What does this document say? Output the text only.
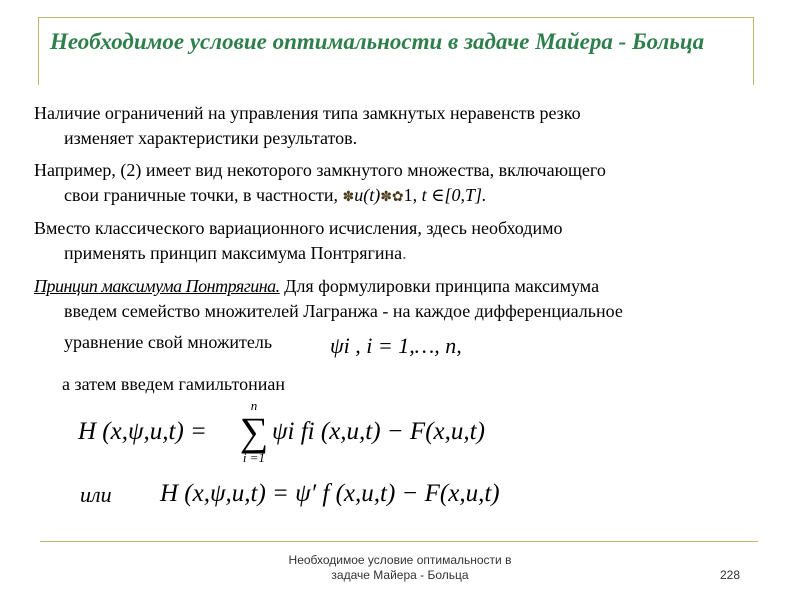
Необходимое условие оптимальности в задаче Майера - Больца
Наличие ограничений на управления типа замкнутых неравенств резко
изменяет характеристики результатов.
Например, (2) имеет вид некоторого замкнутого множества, включающего
свои граничные точки, в частности, ✽u(t)✽✿1, t ∈[0,T].
Вместо классического вариационного исчисления, здесь необходимо
применять принцип максимума Понтрягина.
Принцип максимума Понтрягина. Для формулировки принципа максимума
введем семейство множителей Лагранжа - на каждое дифференциальное
уравнение свой множитель	ψi , i = 1,…, n,
а затем введем гамильтониан
H (x,ψ,u,t) =
n
∑
i =1
ψi fi (x,u,t) − F(x,u,t)
или H (x,ψ,u,t) = ψ′ f (x,u,t) − F(x,u,t)
Необходимое условие оптимальности в
задаче Майера - Больца	228
